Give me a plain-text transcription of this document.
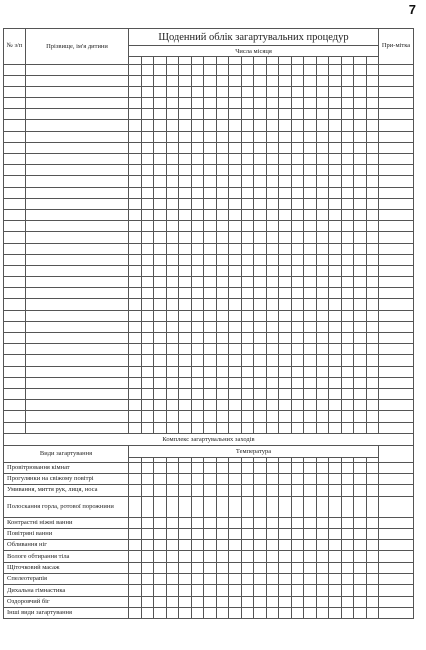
7
№ з/п	Прізвище, ім'я дитини	Щоденний облік загартувальних процедур																				При-мітка
		Числа місяця																				

Комплекс загартувальних заходів																						
Види загартування		Температура																				

Провітрювання кімнат																						
Прогулянки на свіжому повітрі																						
Умивання, миття рук, лиця, носа																						
Полоскання горла, ротової порожнини																						
Контрастні ніжні ванни																						
Повітряні ванни																						
Обливання ніг																						
Вологе обтирання тіла																						
Щіточковий масаж																						
Спелеотерапія																						
Дихальна гімнастика																						
Оздоровчий біг																						
Інші види загартування																						
